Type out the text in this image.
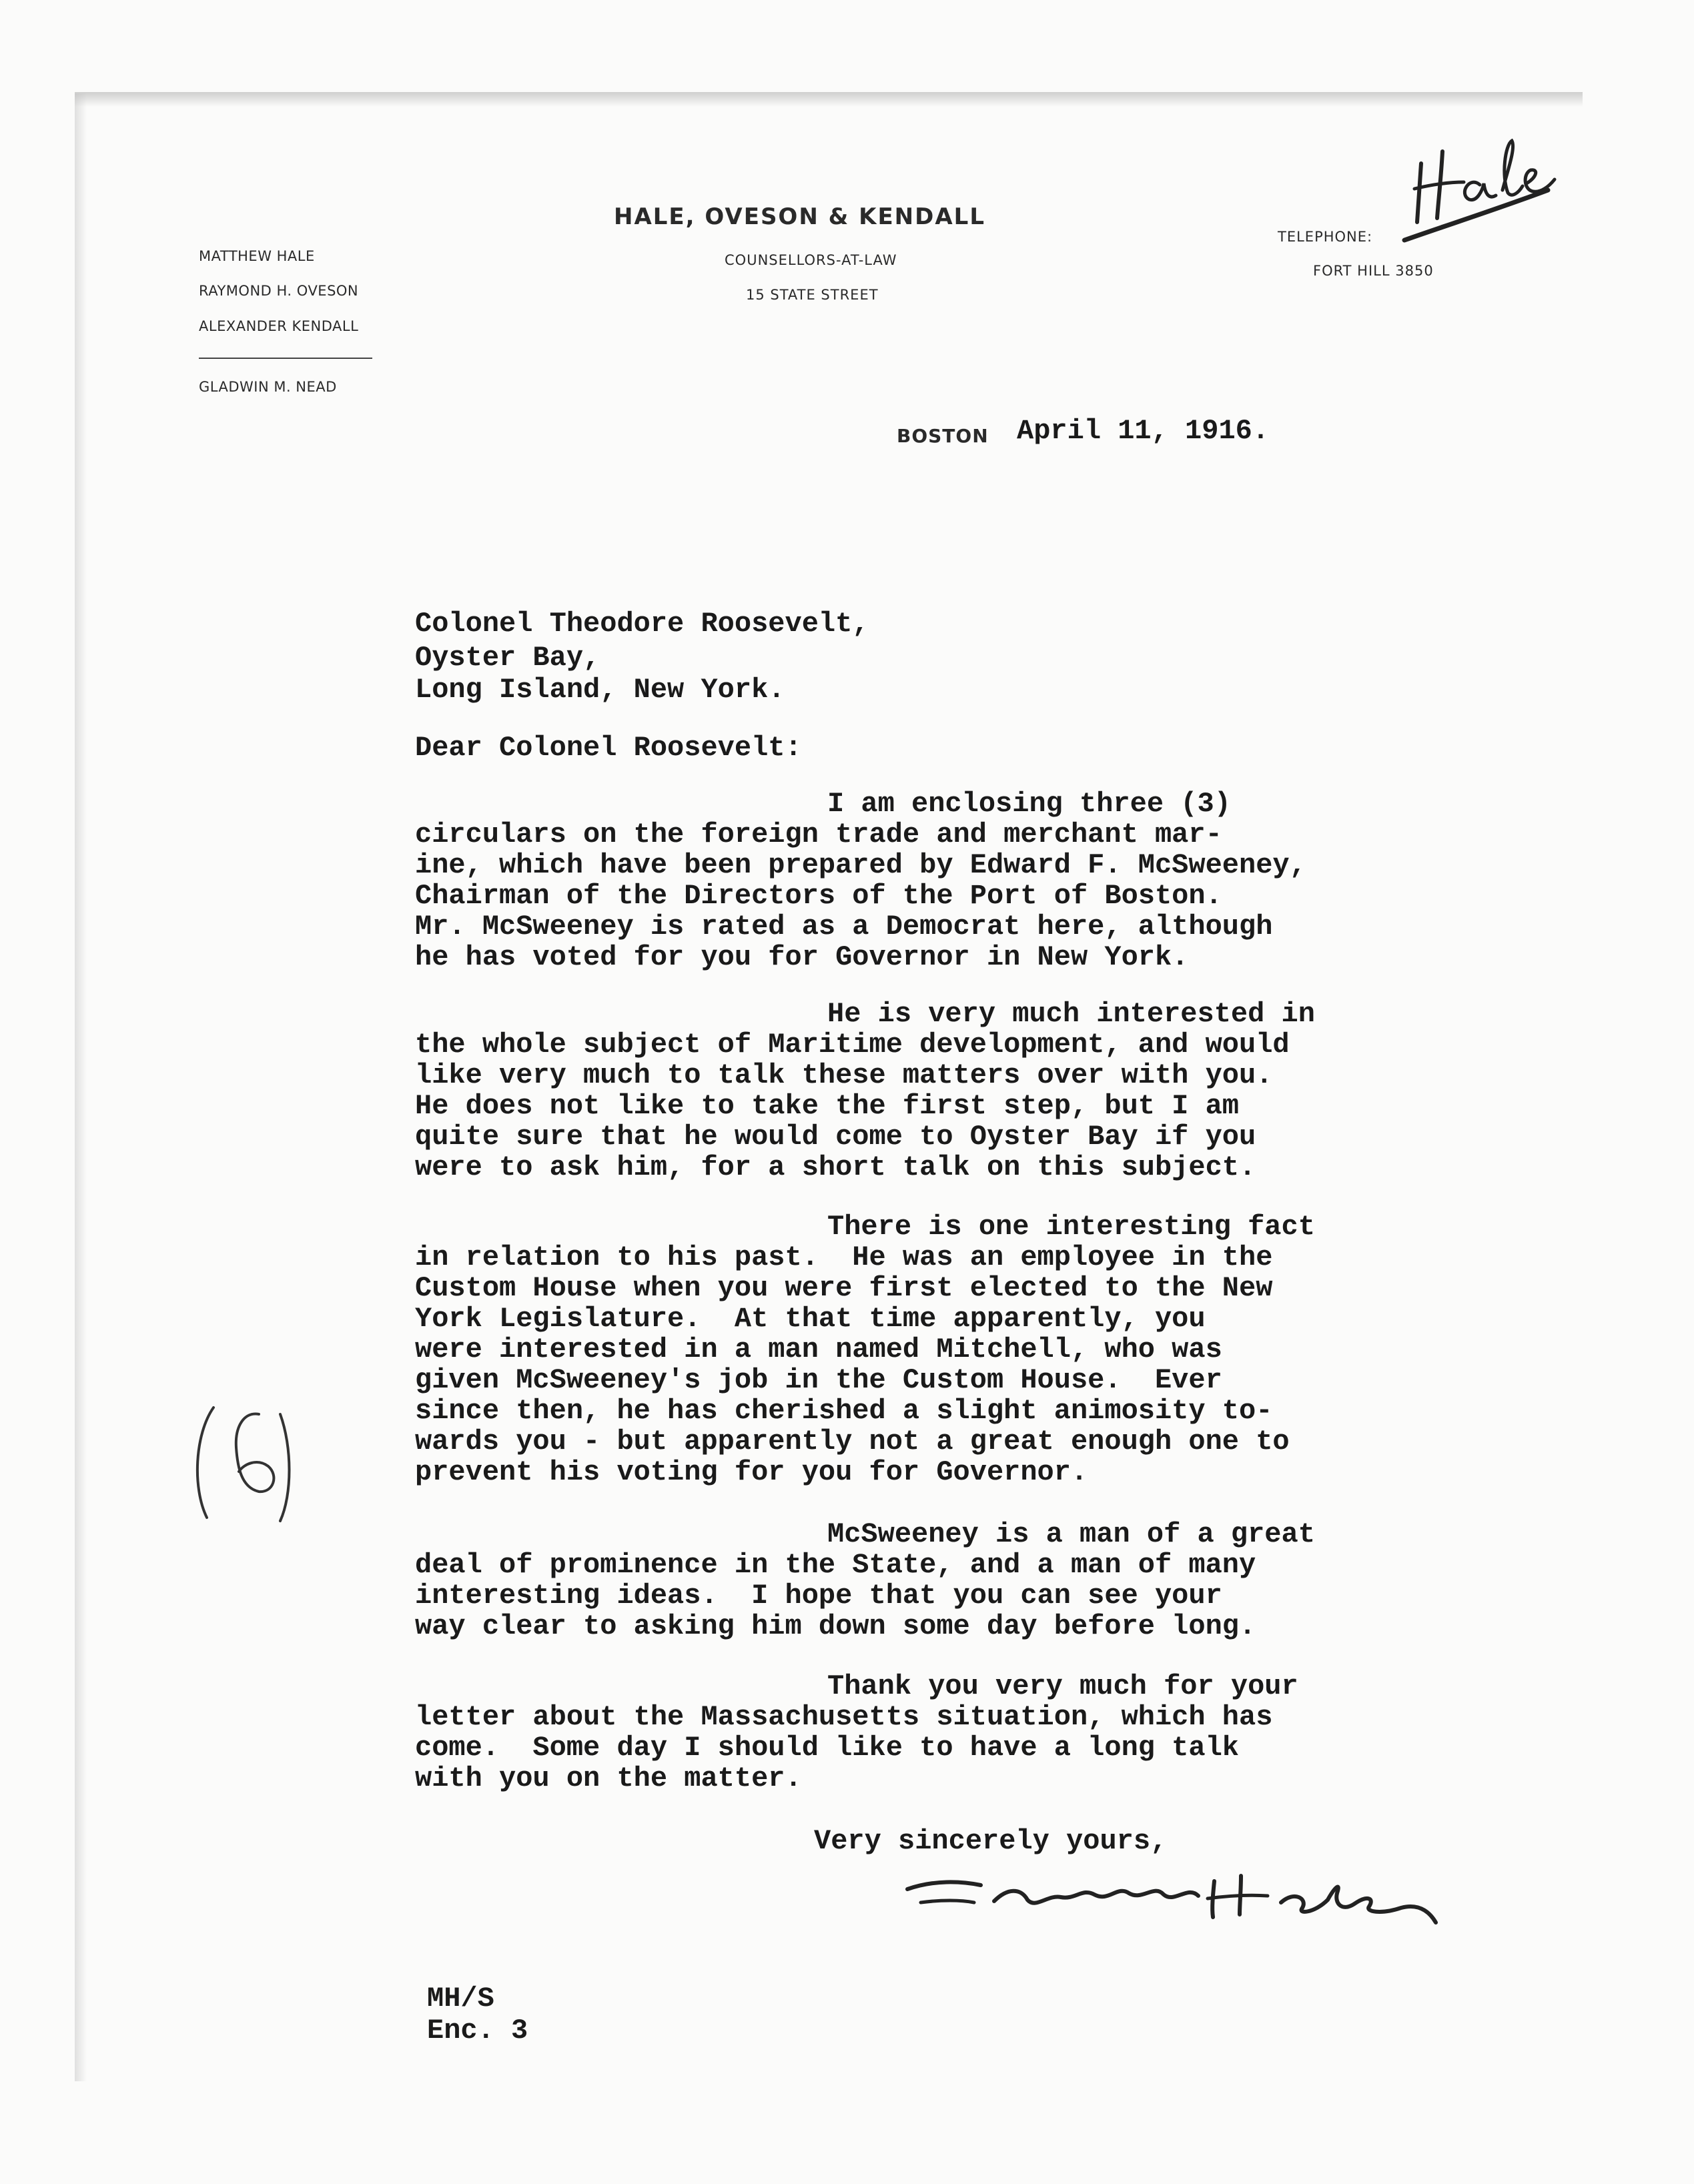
HALE, OVESON & KENDALL
COUNSELLORS-AT-LAW
15 STATE STREET
MATTHEW HALE
RAYMOND H. OVESON
ALEXANDER KENDALL
GLADWIN M. NEAD
TELEPHONE:
FORT HILL 3850
BOSTON April 11, 1916.
Colonel Theodore Roosevelt,
Oyster Bay,
Long Island, New York.
Dear Colonel Roosevelt:
I am enclosing three (3)
circulars on the foreign trade and merchant mar-
ine, which have been prepared by Edward F. McSweeney,
Chairman of the Directors of the Port of Boston.
Mr. McSweeney is rated as a Democrat here, although
he has voted for you for Governor in New York.
He is very much interested in
the whole subject of Maritime development, and would
like very much to talk these matters over with you.
He does not like to take the first step, but I am
quite sure that he would come to Oyster Bay if you
were to ask him, for a short talk on this subject.
There is one interesting fact
in relation to his past.  He was an employee in the
Custom House when you were first elected to the New
York Legislature.  At that time apparently, you
were interested in a man named Mitchell, who was
given McSweeney's job in the Custom House.  Ever
since then, he has cherished a slight animosity to-
wards you - but apparently not a great enough one to
prevent his voting for you for Governor.
McSweeney is a man of a great
deal of prominence in the State, and a man of many
interesting ideas.  I hope that you can see your
way clear to asking him down some day before long.
Thank you very much for your
letter about the Massachusetts situation, which has
come.  Some day I should like to have a long talk
with you on the matter.
Very sincerely yours,
MH/S
Enc. 3
